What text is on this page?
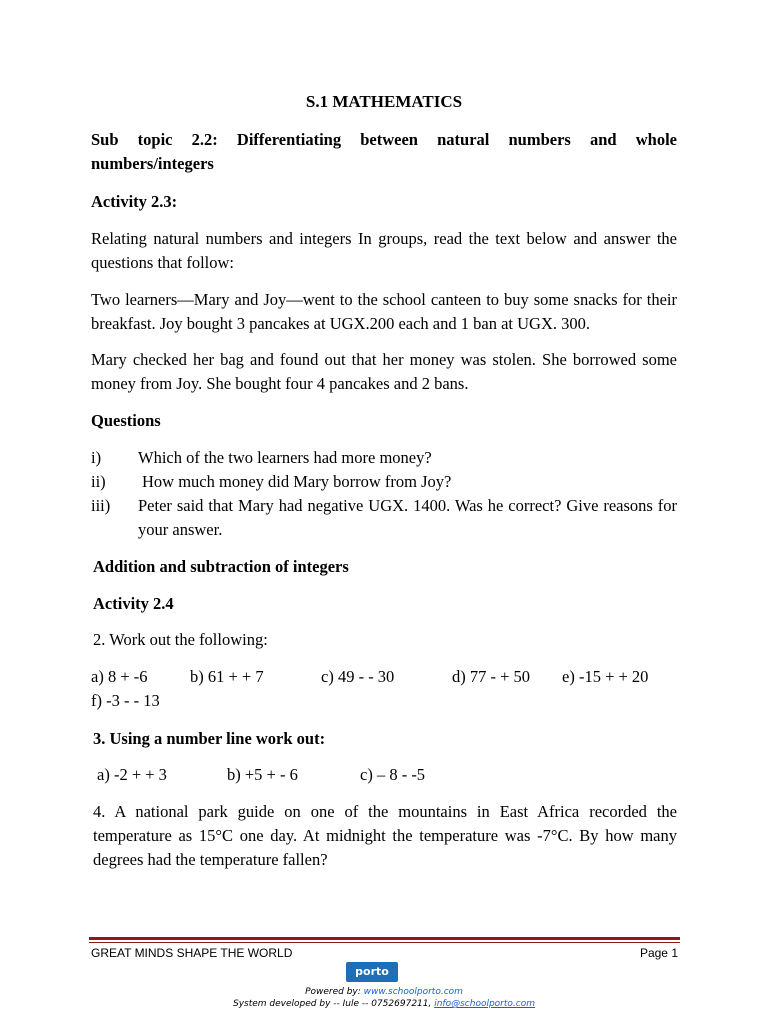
S.1 MATHEMATICS
Sub topic 2.2: Differentiating between natural numbers and whole numbers/integers
Activity 2.3:
Relating natural numbers and integers In groups, read the text below and answer the questions that follow:
Two learners—Mary and Joy—went to the school canteen to buy some snacks for their breakfast. Joy bought 3 pancakes at UGX.200 each and 1 ban at UGX. 300.
Mary checked her bag and found out that her money was stolen. She borrowed some money from Joy. She bought four 4 pancakes and 2 bans.
Questions
i) Which of the two learners had more money?
ii) How much money did Mary borrow from Joy?
iii) Peter said that Mary had negative UGX. 1400. Was he correct? Give reasons for your answer.
Addition and subtraction of integers
Activity 2.4
2. Work out the following:
a) 8 + -6	b) 61 + + 7	c) 49 - - 30	d) 77 - + 50 e) -15 + + 20
f) -3 - - 13
3. Using a number line work out:
a) -2 + + 3	b) +5 + - 6	c) – 8 - -5
4. A national park guide on one of the mountains in East Africa recorded the temperature as 15°C one day. At midnight the temperature was -7°C. By how many degrees had the temperature fallen?
GREAT MINDS SHAPE THE WORLD	Page 1
porto
Powered by: www.schoolporto.com
System developed by -- Iule -- 0752697211, info@schoolporto.com
